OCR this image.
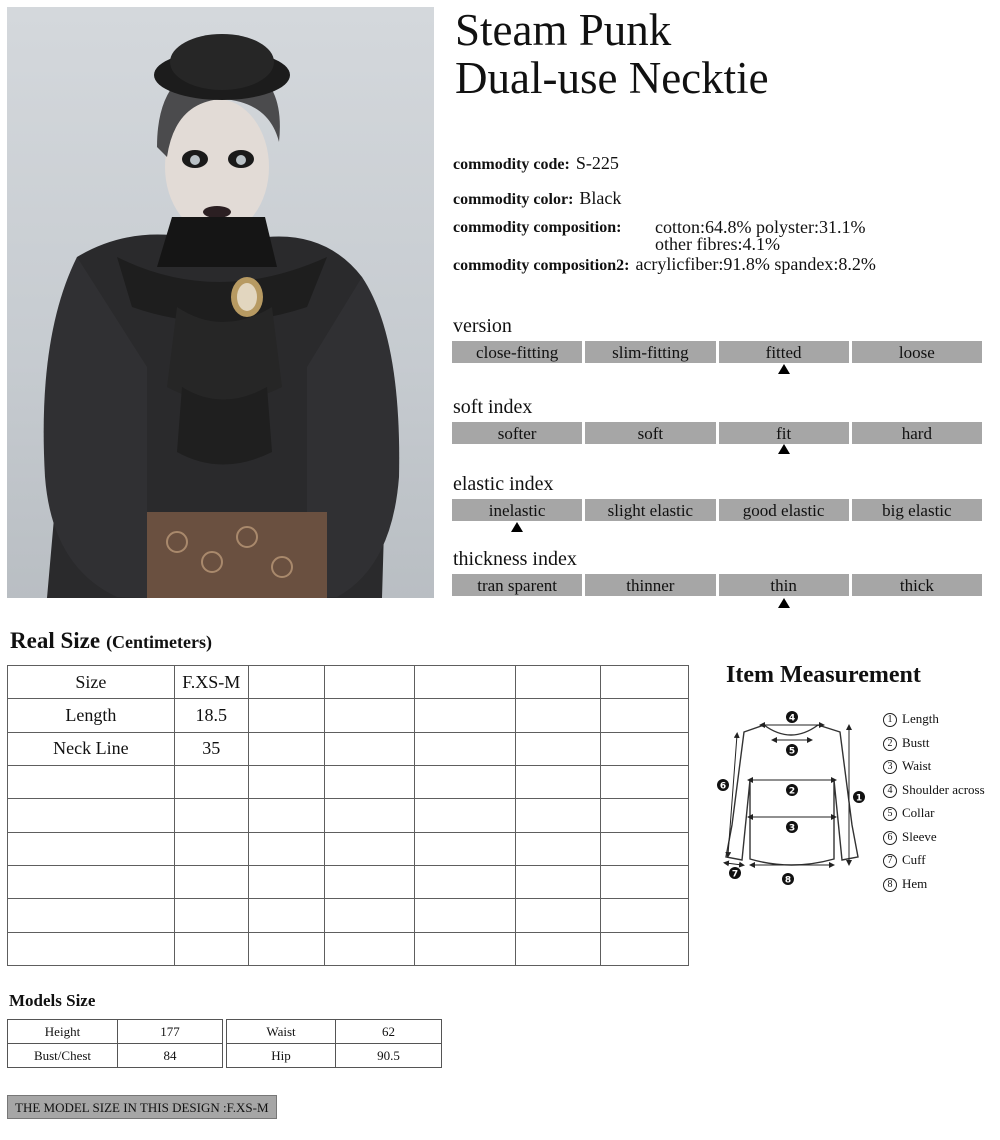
Steam Punk
Dual-use Necktie
commodity code: S-225
commodity color: Black
commodity composition: cotton:64.8% polyster:31.1%
other fibres:4.1%
commodity composition2: acrylicfiber:91.8% spandex:8.2%
version
close-fitting	slim-fitting	fitted	loose
soft index
softer	soft	fit	hard
elastic index
inelastic	slight elastic	good elastic	big elastic
thickness index
tran sparent	thinner	thin	thick
Real Size (Centimeters)
Size	F.XS-M					
Length	18.5					
Neck Line	35					

Item Measurement
4
5
2
3
1
6
7
8
1 Length
2 Bustt
3 Waist
4 Shoulder across
5 Collar
6 Sleeve
7 Cuff
8 Hem
Models Size
Height	177
Bust/Chest	84
Waist	62
Hip	90.5
THE MODEL SIZE IN THIS DESIGN :F.XS-M
